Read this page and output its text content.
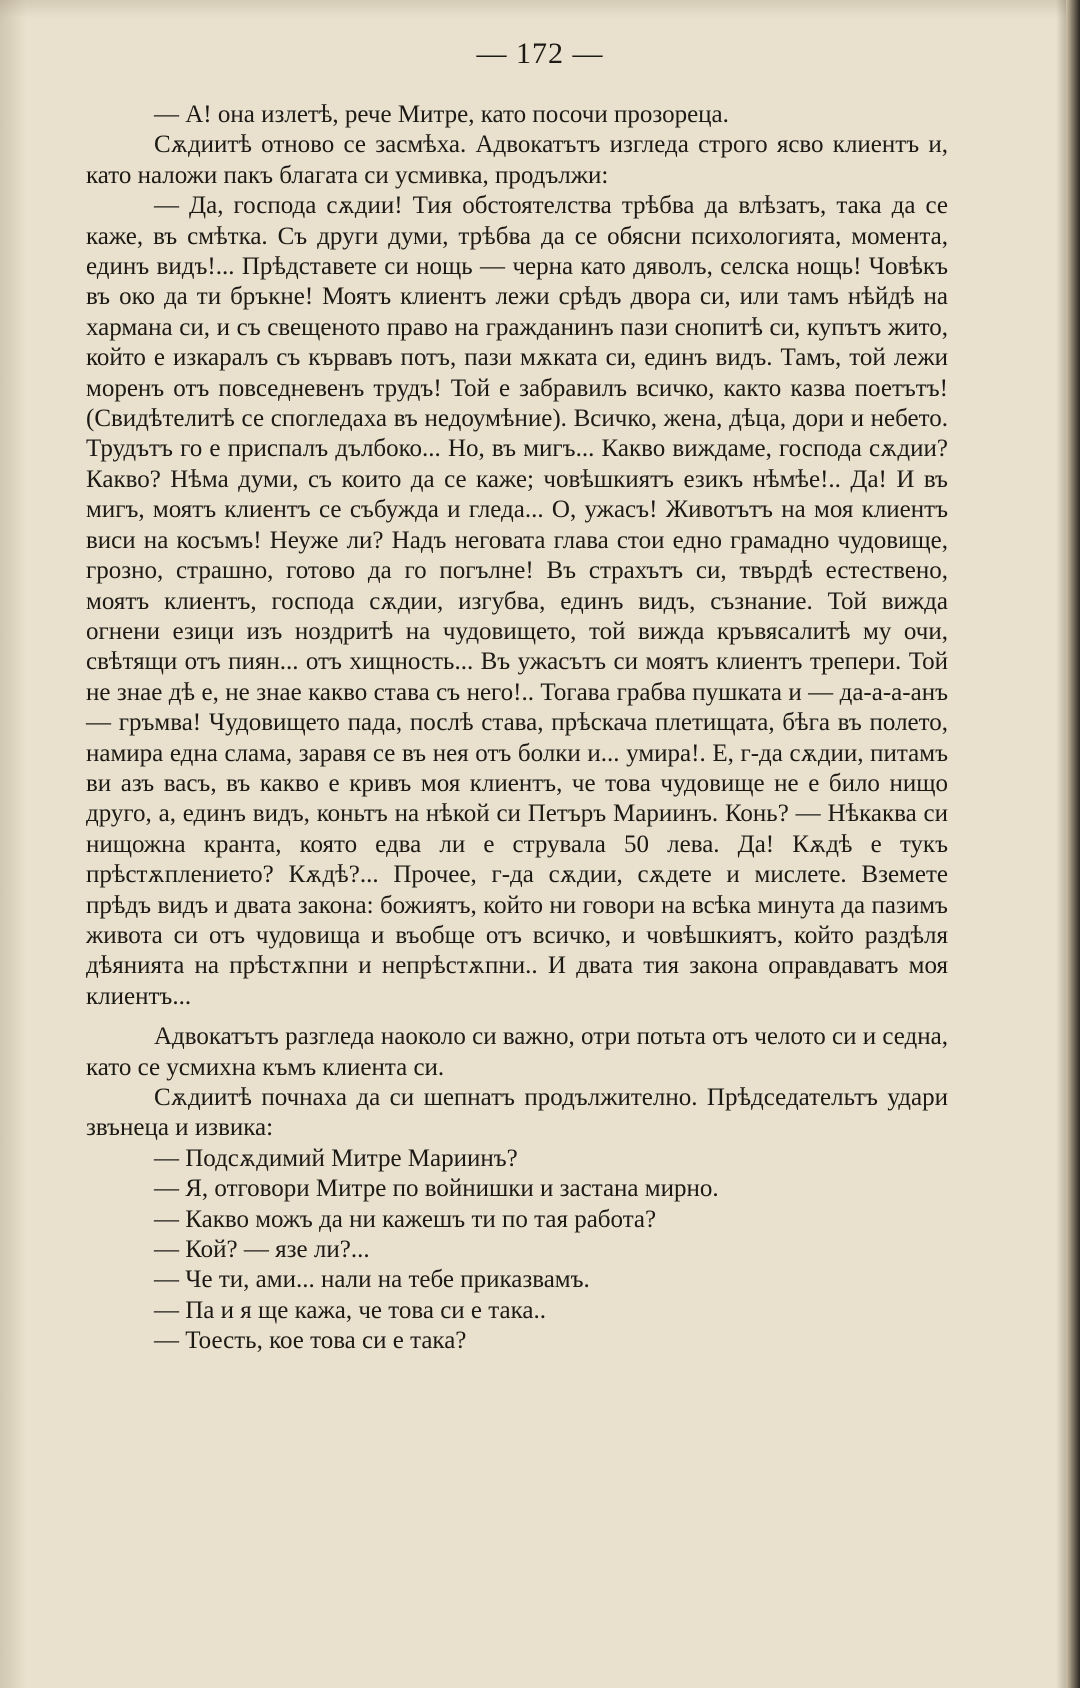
— 172 —

— А! она излетѣ, рече Митре, като посочи прозореца.

Сѫдиитѣ отново се засмѣха. Адвокатътъ изгледа строго ясво клиентъ и, като наложи пакъ благата си усмивка, продължи:

— Да, господа сѫдии! Тия обстоятелства трѣбва да влѣзатъ, така да се каже, въ смѣтка. Съ други думи, трѣбва да се обясни психологията, момента, единъ видъ!... Прѣдставете си нощь — черна като дяволъ, селска нощь! Човѣкъ въ око да ти бръкне! Моятъ клиентъ лежи срѣдъ двора си, или тамъ нѣйдѣ на хармана си, и съ свещеното право на гражданинъ пази снопитѣ си, купътъ жито, който е изкаралъ съ кървавъ потъ, пази мѫката си, единъ видъ. Тамъ, той лежи моренъ отъ повседневенъ трудъ! Той е забравилъ всичко, както казва поетътъ! (Свидѣтелитѣ се спогледаха въ недоумѣние). Всичко, жена, дѣца, дори и небето. Трудътъ го е приспалъ дълбоко... Но, въ мигъ... Какво виждаме, господа сѫдии? Какво? Нѣма думи, съ които да се каже; човѣшкиятъ езикъ нѣмѣе!.. Да! И въ мигъ, моятъ клиентъ се събужда и гледа... О, ужасъ! Животътъ на моя клиентъ виси на косъмъ! Неуже ли? Надъ неговата глава стои едно грамадно чудовище, грозно, страшно, готово да го погълне! Въ страхътъ си, твърдѣ естествено, моятъ клиентъ, господа сѫдии, изгубва, единъ видъ, съзнание. Той вижда огнени езици изъ ноздритѣ на чудовището, той вижда кръвясалитѣ му очи, свѣтящи отъ пиян... отъ хищность... Въ ужасътъ си моятъ клиентъ трепери. Той не знае дѣ е, не знае какво става съ него!.. Тогава грабва пушката и — да-а-а-анъ — гръмва! Чудовището пада, послѣ става, прѣскача плетищата, бѣга въ полето, намира една слама, заравя се въ нея отъ болки и... умира!. Е, г-да сѫдии, питамъ ви азъ васъ, въ какво е кривъ моя клиентъ, че това чудовище не е било нищо друго, а, единъ видъ, коньтъ на нѣкой си Петъръ Мариинъ. Конь? — Нѣкаква си нищожна кранта, която едва ли е струвала 50 лева. Да! Кѫдѣ е тукъ прѣстѫплението? Кѫдѣ?... Прочее, г-да сѫдии, сѫдете и мислете. Вземете прѣдъ видъ и двата закона: божиятъ, който ни говори на всѣка минута да пазимъ живота си отъ чудовища и въобще отъ всичко, и човѣшкиятъ, който раздѣля дѣянията на прѣстѫпни и непрѣстѫпни.. И двата тия закона оправдаватъ моя клиентъ...

Адвокатътъ разгледа наоколо си важно, отри потьта отъ челото си и седна, като се усмихна къмъ клиента си.

Сѫдиитѣ почнаха да си шепнатъ продължително. Прѣдседательтъ удари звънеца и извика:

— Подсѫдимий Митре Мариинъ?

— Я, отговори Митре по войнишки и застана мирно.

— Какво можъ да ни кажешъ ти по тая работа?

— Кой? — язе ли?...

— Че ти, ами... нали на тебе приказвамъ.

— Па и я ще кажа, че това си е така..

— Тоесть, кое това си е така?
